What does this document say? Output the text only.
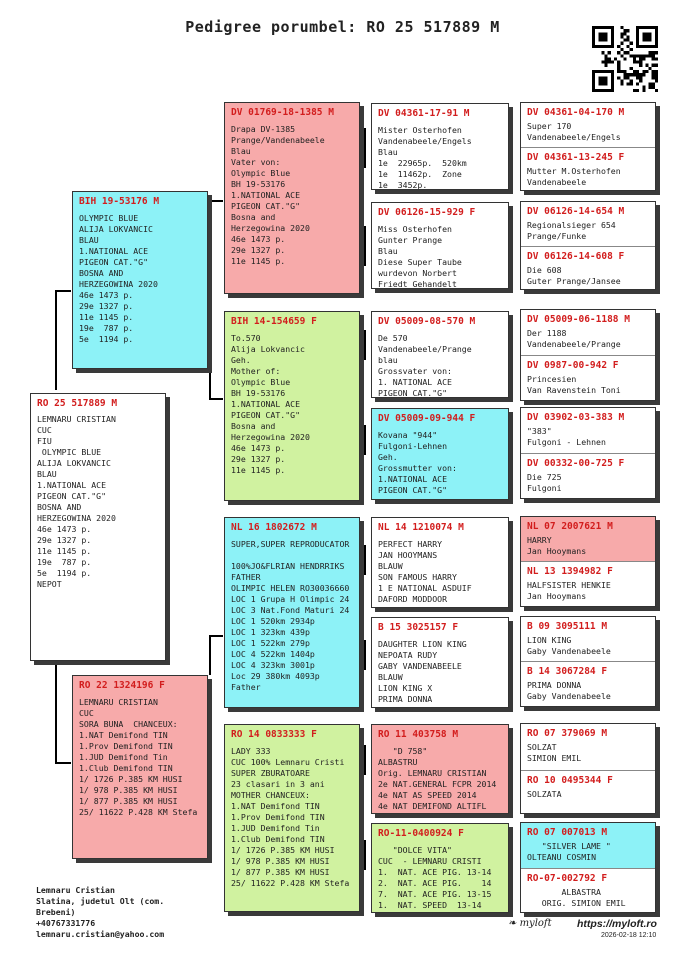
Pedigree porumbel: RO 25 517889 M
RO 25 517889 M
LEMNARU CRISTIAN
CUC
FIU
OLYMPIC BLUE
ALIJA LOKVANCIC
BLAU
1.NATIONAL ACE
PIGEON CAT."G"
BOSNA AND
HERZEGOWINA 2020
46e 1473 p.
29e 1327 p.
11e 1145 p.
19e  787 p.
5e  1194 p.
NEPOT
BIH 19-53176 M
OLYMPIC BLUE
ALIJA LOKVANCIC
BLAU
1.NATIONAL ACE
PIGEON CAT."G"
BOSNA AND
HERZEGOWINA 2020
46e 1473 p.
29e 1327 p.
11e 1145 p.
19e  787 p.
5e  1194 p.
RO 22 1324196 F
LEMNARU CRISTIAN
CUC
SORA BUNA  CHANCEUX:
1.NAT Demifond TIN
1.Prov Demifond TIN
1.JUD Demifond Tin
1.Club Demifond TIN
1/ 1726 P.385 KM HUSI
1/ 978 P.385 KM HUSI
1/ 877 P.385 KM HUSI
25/ 11622 P.428 KM Stefa
DV 01769-18-1385 M
Drapa DV-1385
Prange/Vandenabeele
Blau
Vater von:
Olympic Blue
BH 19-53176
1.NATIONAL ACE
PIGEON CAT."G"
Bosna and
Herzegowina 2020
46e 1473 p.
29e 1327 p.
11e 1145 p.
BIH 14-154659 F
To.570
Alija Lokvancic
Geh.
Mother of:
Olympic Blue
BH 19-53176
1.NATIONAL ACE
PIGEON CAT."G"
Bosna and
Herzegowina 2020
46e 1473 p.
29e 1327 p.
11e 1145 p.
NL 16 1802672 M
SUPER,SUPER REPRODUCATOR

100%JO&FLRIAN HENDRRIKS
FATHER
OLIMPIC HELEN RO30036660
LOC 1 Grupa H Olimpic 24
LOC 3 Nat.Fond Maturi 24
LOC 1 520km 2934p
LOC 1 323km 439p
LOC 1 522km 279p
LOC 4 522km 1404p
LOC 4 323km 3001p
Loc 29 380km 4093p
Father
RO 14 0833333 F
LADY 333
CUC 100% Lemnaru Cristi
SUPER ZBURATOARE
23 clasari in 3 ani
MOTHER CHANCEUX:
1.NAT Demifond TIN
1.Prov Demifond TIN
1.JUD Demifond Tin
1.Club Demifond TIN
1/ 1726 P.385 KM HUSI
1/ 978 P.385 KM HUSI
1/ 877 P.385 KM HUSI
25/ 11622 P.428 KM Stefa
DV 04361-17-91 M
Mister Osterhofen
Vandenabeele/Engels
Blau
1e  22965p.  520km
1e  11462p.  Zone
1e  3452p.
DV 06126-15-929 F
Miss Osterhofen
Gunter Prange
Blau
Diese Super Taube
wurdevon Norbert
Friedt Gehandelt
DV 05009-08-570 M
De 570
Vandenabeele/Prange
blau
Grossvater von:
1. NATIONAL ACE
PIGEON CAT."G"
DV 05009-09-944 F
Kovana "944"
Fulgoni-Lehnen
Geh.
Grossmutter von:
1.NATIONAL ACE
PIGEON CAT."G"
NL 14 1210074 M
PERFECT HARRY
JAN HOOYMANS
BLAUW
SON FAMOUS HARRY
1 E NATIONAL ASDUIF
DAFORD MODDOOR
B 15 3025157 F
DAUGHTER LION KING
NEPOATA RUDY
GABY VANDENABEELE
BLAUW
LION KING X
PRIMA DONNA
RO 11 403758 M
"D 758"
ALBASTRU
Orig. LEMNARU CRISTIAN
2e NAT.GENERAL FCPR 2014
4e NAT AS SPEED 2014
4e NAT DEMIFOND ALTIFL
RO-11-0400924 F
"DOLCE VITA"
CUC  - LEMNARU CRISTI
1.  NAT. ACE PIG. 13-14
2.  NAT. ACE PIG.    14
7.  NAT. ACE PIG. 13-15
1.  NAT. SPEED  13-14
DV 04361-04-170 M
Super 170
Vandenabeele/Engels
DV 04361-13-245 F
Mutter M.Osterhofen
Vandenabeele
DV 06126-14-654 M
Regionalsieger 654
Prange/Funke
DV 06126-14-608 F
Die 608
Guter Prange/Jansee
DV 05009-06-1188 M
Der 1188
Vandenabeele/Prange
DV 0987-00-942 F
Princesien
Van Ravenstein Toni
DV 03902-03-383 M
"383"
Fulgoni - Lehnen
DV 00332-00-725 F
Die 725
Fulgoni
NL 07 2007621 M
HARRY
Jan Hooymans
NL 13 1394982 F
HALFSISTER HENKIE
Jan Hooymans
B 09 3095111 M
LION KING
Gaby Vandenabeele
B 14 3067284 F
PRIMA DONNA
Gaby Vandenabeele
RO 07 379069 M
SOLZAT
SIMION EMIL
RO 10 0495344 F
SOLZATA
RO 07 007013 M
"SILVER LAME "
OLTEANU COSMIN
RO-07-002792 F
ALBASTRA
ORIG. SIMION EMIL
Lemnaru Cristian
Slatina, judetul Olt (com.
Brebeni)
+40767331776
lemnaru.cristian@yahoo.com
❧ myloft https://myloft.ro
2026-02-18 12:10
